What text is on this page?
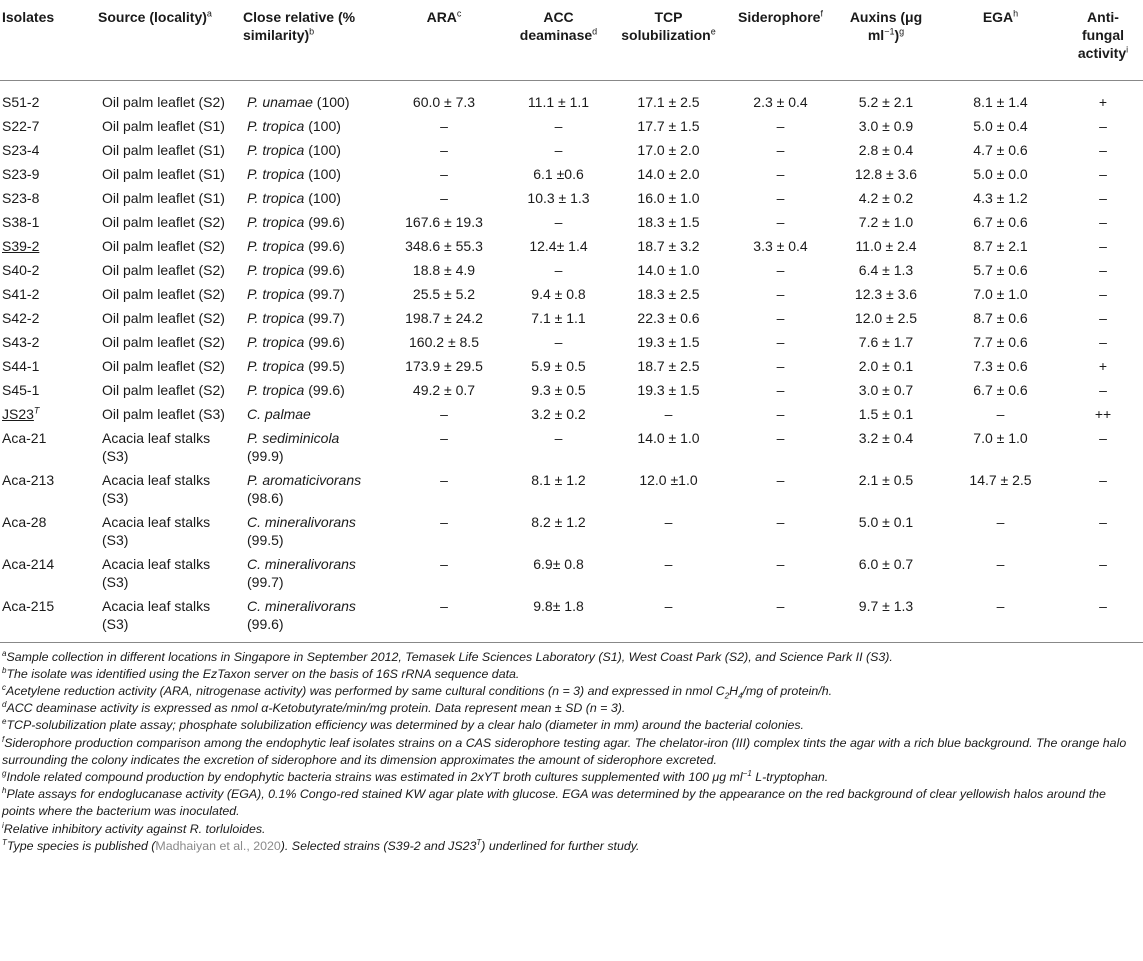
Isolates	Source (locality)$^a$	Close relative (% similarity)$^b$	ARA$^c$	ACC deaminase$^d$	TCP solubilization$^e$	Siderophore$^f$	Auxins (μg $ml^{-1})^g$	EGA$^h$	Anti-fungal activity$^i$
S51-2	Oil palm leaflet (S2)	P. unamae (100)	60.0 ± 7.3	11.1 ± 1.1	17.1 ± 2.5	2.3 ± 0.4	5.2 ± 2.1	8.1 ± 1.4	+
S22-7	Oil palm leaflet (S1)	P. tropica (100)	–	–	17.7 ± 1.5	–	3.0 ± 0.9	5.0 ± 0.4	–
S23-4	Oil palm leaflet (S1)	P. tropica (100)	–	–	17.0 ± 2.0	–	2.8 ± 0.4	4.7 ± 0.6	–
S23-9	Oil palm leaflet (S1)	P. tropica (100)	–	6.1 ±0.6	14.0 ± 2.0	–	12.8 ± 3.6	5.0 ± 0.0	–
S23-8	Oil palm leaflet (S1)	P. tropica (100)	–	10.3 ± 1.3	16.0 ± 1.0	–	4.2 ± 0.2	4.3 ± 1.2	–
S38-1	Oil palm leaflet (S2)	P. tropica (99.6)	167.6 ± 19.3	–	18.3 ± 1.5	–	7.2 ± 1.0	6.7 ± 0.6	–
S39-2	Oil palm leaflet (S2)	P. tropica (99.6)	348.6 ± 55.3	12.4± 1.4	18.7 ± 3.2	3.3 ± 0.4	11.0 ± 2.4	8.7 ± 2.1	–
S40-2	Oil palm leaflet (S2)	P. tropica (99.6)	18.8 ± 4.9	–	14.0 ± 1.0	–	6.4 ± 1.3	5.7 ± 0.6	–
S41-2	Oil palm leaflet (S2)	P. tropica (99.7)	25.5 ± 5.2	9.4 ± 0.8	18.3 ± 2.5	–	12.3 ± 3.6	7.0 ± 1.0	–
S42-2	Oil palm leaflet (S2)	P. tropica (99.7)	198.7 ± 24.2	7.1 ± 1.1	22.3 ± 0.6	–	12.0 ± 2.5	8.7 ± 0.6	–
S43-2	Oil palm leaflet (S2)	P. tropica (99.6)	160.2 ± 8.5	–	19.3 ± 1.5	–	7.6 ± 1.7	7.7 ± 0.6	–
S44-1	Oil palm leaflet (S2)	P. tropica (99.5)	173.9 ± 29.5	5.9 ± 0.5	18.7 ± 2.5	–	2.0 ± 0.1	7.3 ± 0.6	+
S45-1	Oil palm leaflet (S2)	P. tropica (99.6)	49.2 ± 0.7	9.3 ± 0.5	19.3 ± 1.5	–	3.0 ± 0.7	6.7 ± 0.6	–
$JS23^T$	Oil palm leaflet (S3)	C. palmae	–	3.2 ± 0.2	–	–	1.5 ± 0.1	–	++
Aca-21	Acacia leaf stalks (S3)	P. sediminicola (99.9)	–	–	14.0 ± 1.0	–	3.2 ± 0.4	7.0 ± 1.0	–
Aca-213	Acacia leaf stalks (S3)	P. aromaticivorans (98.6)	–	8.1 ± 1.2	12.0 ±1.0	–	2.1 ± 0.5	14.7 ± 2.5	–
Aca-28	Acacia leaf stalks (S3)	C. mineralivorans (99.5)	–	8.2 ± 1.2	–	–	5.0 ± 0.1	–	–
Aca-214	Acacia leaf stalks (S3)	C. mineralivorans (99.7)	–	6.9± 0.8	–	–	6.0 ± 0.7	–	–
Aca-215	Acacia leaf stalks (S3)	C. mineralivorans (99.6)	–	9.8± 1.8	–	–	9.7 ± 1.3	–	–

$^a$Sample collection in different locations in Singapore in September 2012, Temasek Life Sciences Laboratory (S1), West Coast Park (S2), and Science Park II (S3).

$^b$The isolate was identified using the EzTaxon server on the basis of 16S rRNA sequence data.

$^c$Acetylene reduction activity (ARA, nitrogenase activity) was performed by same cultural conditions (n = 3) and expressed in nmol $C_2H_4/mg$ of protein/h.

$^d$ACC deaminase activity is expressed as nmol α-Ketobutyrate/min/mg protein. Data represent mean ± SD (n = 3).

$^e$TCP-solubilization plate assay; phosphate solubilization efficiency was determined by a clear halo (diameter in mm) around the bacterial colonies.

$^f$Siderophore production comparison among the endophytic leaf isolates strains on a CAS siderophore testing agar. The chelator-iron (III) complex tints the agar with a rich blue background. The orange halo surrounding the colony indicates the excretion of siderophore and its dimension approximates the amount of siderophore excreted.

$^g$Indole related compound production by endophytic bacteria strains was estimated in 2xYT broth cultures supplemented with 100 μg $ml^{-1}$ L-tryptophan.

$^h$Plate assays for endoglucanase activity (EGA), 0.1% Congo-red stained KW agar plate with glucose. EGA was determined by the appearance on the red background of clear yellowish halos around the points where the bacterium was inoculated.

$^i$Relative inhibitory activity against R. torluloides.

$^T$Type species is published (Madhaiyan et al., 2020). Selected strains (S39-2 and $JS23^T$) underlined for further study.
